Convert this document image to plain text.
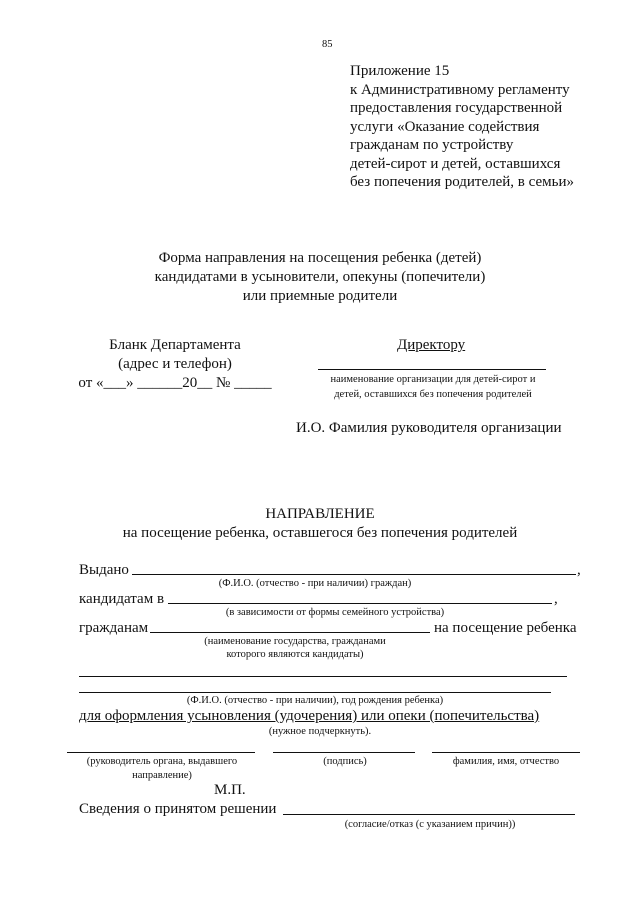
85
Приложение 15
к Административному регламенту
предоставления государственной
услуги «Оказание содействия
гражданам по устройству
детей-сирот и детей, оставшихся
без попечения родителей, в семьи»
Форма направления на посещения ребенка (детей)
кандидатами в усыновители, опекуны (попечители)
или приемные родители
Бланк Департамента
(адрес и телефон)
от «___» ______20__ № _____
Директору
наименование организации для детей-сирот и
детей, оставшихся без попечения родителей
И.О. Фамилия руководителя организации
НАПРАВЛЕНИЕ
на посещение ребенка, оставшегося без попечения родителей
Выдано	,
(Ф.И.О. (отчество - при наличии) граждан)
кандидатам в	,
(в зависимости от формы семейного устройства)
гражданам	на посещение ребенка
(наименование государства, гражданами
которого являются кандидаты)
(Ф.И.О. (отчество - при наличии), год рождения ребенка)
для оформления усыновления (удочерения) или опеки (попечительства)
(нужное подчеркнуть).
(руководитель органа, выдавшего
направление)
(подпись)	фамилия, имя, отчество
М.П.
Сведения о принятом решении
(согласие/отказ (с указанием причин))
